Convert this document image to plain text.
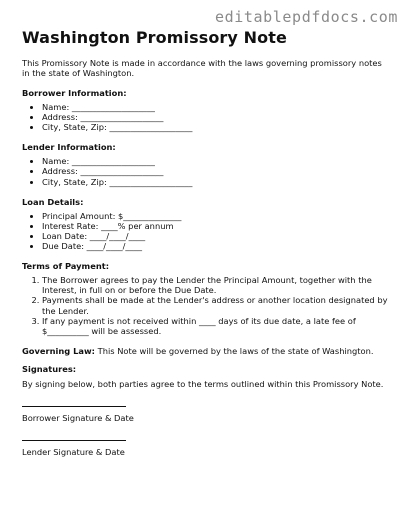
editablepdfdocs.com
Washington Promissory Note

This Promissory Note is made in accordance with the laws governing promissory notes in the state of Washington.

Borrower Information:
• Name: ____________________
• Address: ____________________
• City, State, Zip: ____________________
Lender Information:
• Name: ____________________
• Address: ____________________
• City, State, Zip: ____________________
Loan Details:
• Principal Amount: $______________
• Interest Rate: ____% per annum
• Loan Date: ____/____/____
• Due Date: ____/____/____
Terms of Payment:
1. The Borrower agrees to pay the Lender the Principal Amount, together with the Interest, in full on or before the Due Date.
2. Payments shall be made at the Lender's address or another location designated by the Lender.
3. If any payment is not received within ____ days of its due date, a late fee of $__________ will be assessed.

Governing Law: This Note will be governed by the laws of the state of Washington.

Signatures:

By signing below, both parties agree to the terms outlined within this Promissory Note.

Borrower Signature & Date
Lender Signature & Date
